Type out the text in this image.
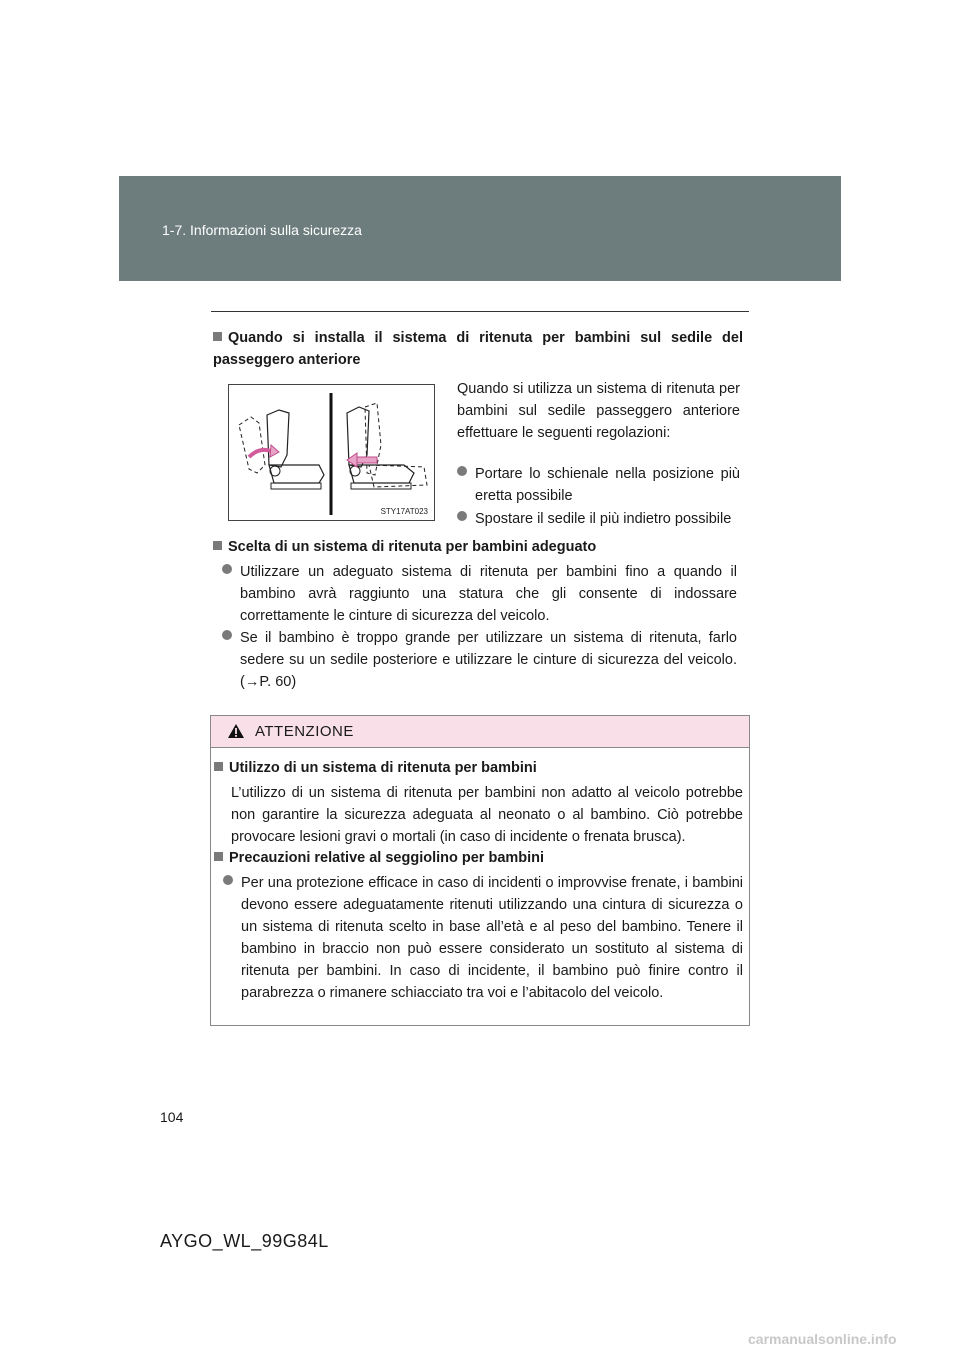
1-7. Informazioni sulla sicurezza
Quando si installa il sistema di ritenuta per bambini sul sedile del passeggero anteriore
STY17AT023
Quando si utilizza un sistema di ritenuta per bambini sul sedile passeggero anteriore effettuare le seguenti regolazioni:
Portare lo schienale nella posizione più eretta possibile
Spostare il sedile il più indietro possibile
Scelta di un sistema di ritenuta per bambini adeguato
Utilizzare un adeguato sistema di ritenuta per bambini fino a quando il bambino avrà raggiunto una statura che gli consente di indossare correttamente le cinture di sicurezza del veicolo.
Se il bambino è troppo grande per utilizzare un sistema di ritenuta, farlo sedere su un sedile posteriore e utilizzare le cinture di sicurezza del veicolo. (→P. 60)
ATTENZIONE
Utilizzo di un sistema di ritenuta per bambini
L’utilizzo di un sistema di ritenuta per bambini non adatto al veicolo potrebbe non garantire la sicurezza adeguata al neonato o al bambino. Ciò potrebbe provocare lesioni gravi o mortali (in caso di incidente o frenata brusca).
Precauzioni relative al seggiolino per bambini
Per una protezione efficace in caso di incidenti o improvvise frenate, i bambini devono essere adeguatamente ritenuti utilizzando una cintura di sicurezza o un sistema di ritenuta scelto in base all’età e al peso del bambino. Tenere il bambino in braccio non può essere considerato un sostituto al sistema di ritenuta per bambini. In caso di incidente, il bambino può finire contro il parabrezza o rimanere schiacciato tra voi e l’abitacolo del veicolo.
104
AYGO_WL_99G84L
carmanualsonline.info
